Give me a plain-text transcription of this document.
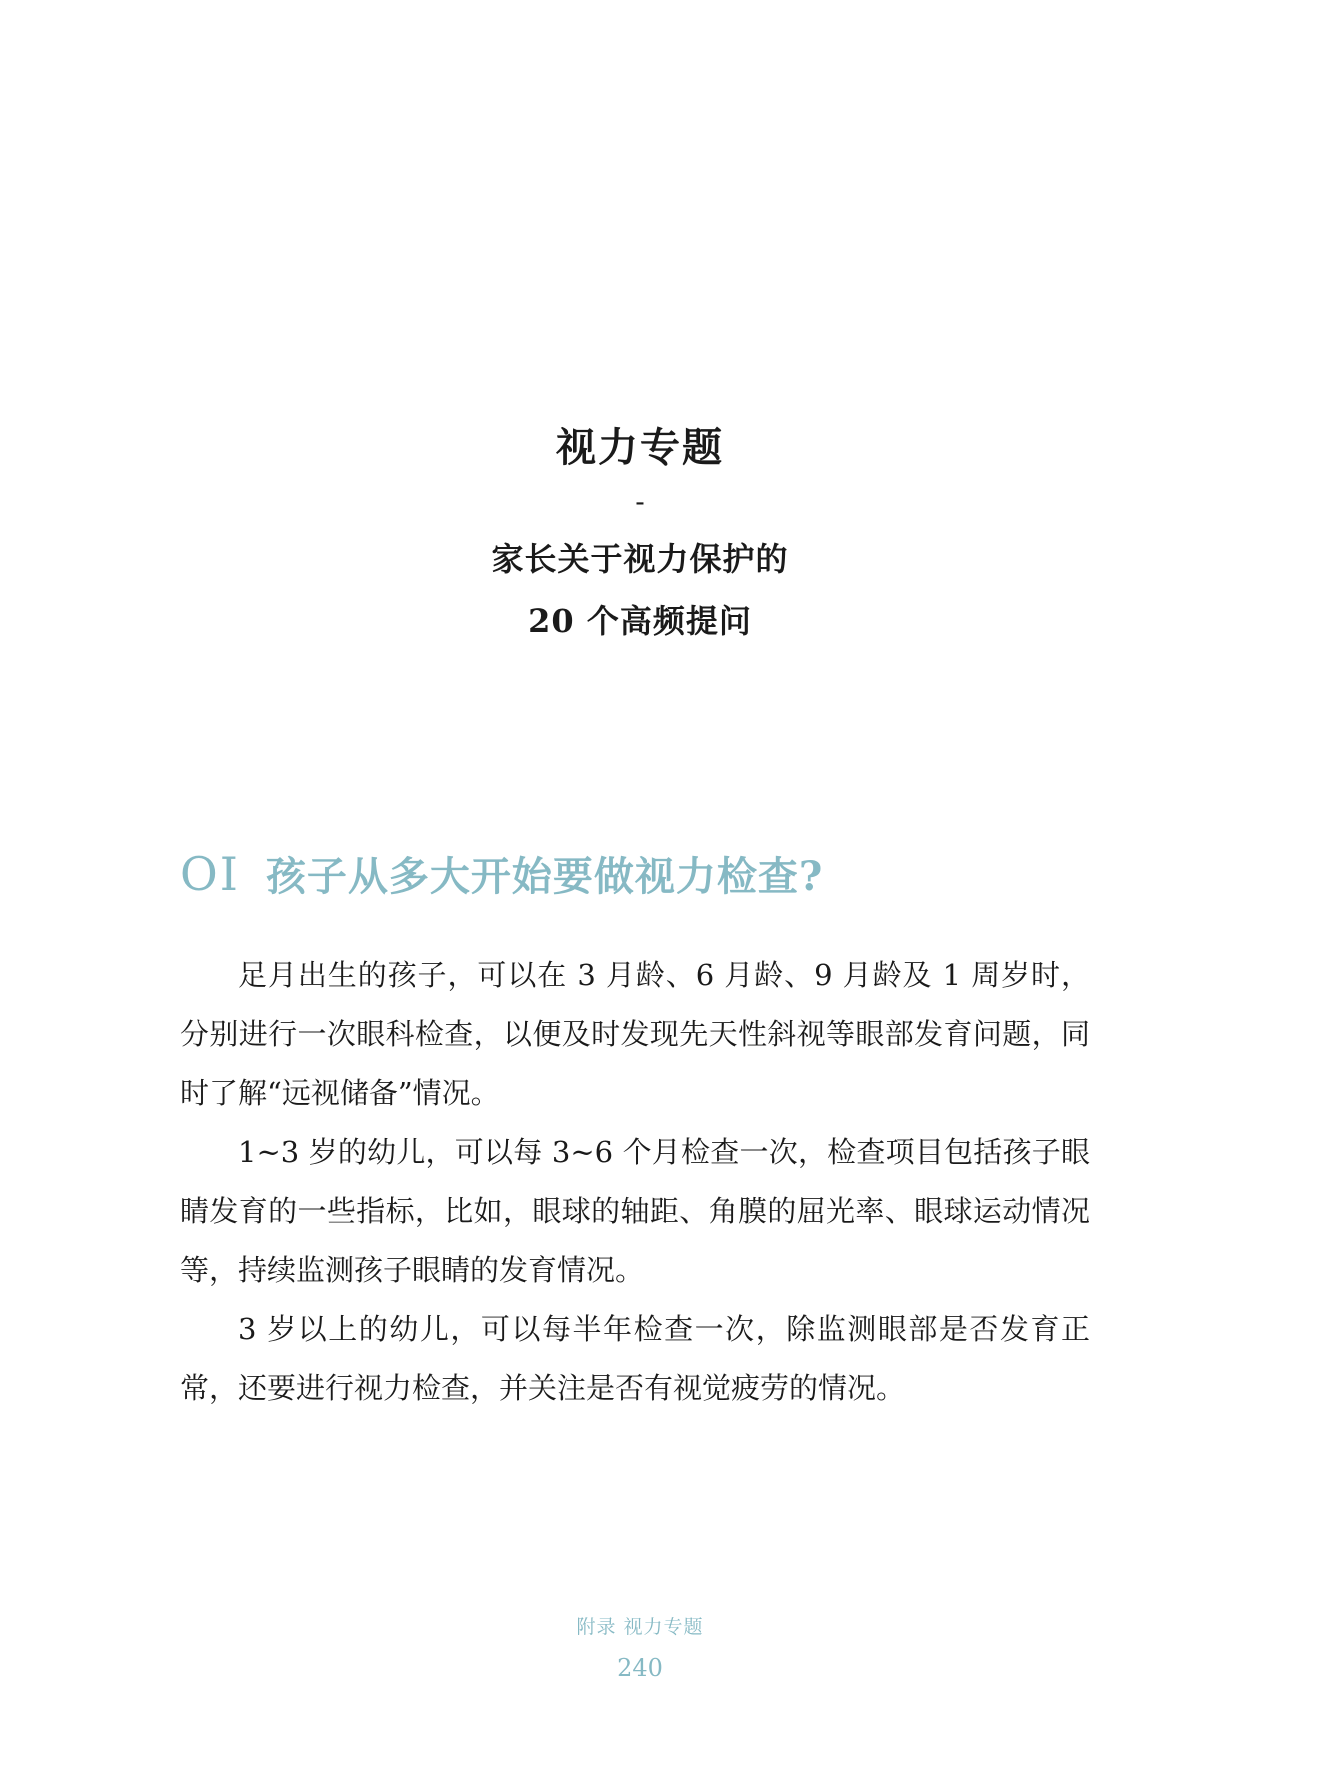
视力专题
-
家长关于视力保护的
20 个高频提问
OI 孩子从多大开始要做视力检查?

足月出生的孩子，可以在 3 月龄、6 月龄、9 月龄及 1 周岁时，分别进行一次眼科检查，以便及时发现先天性斜视等眼部发育问题，同时了解“远视储备”情况。

1~3 岁的幼儿，可以每 3~6 个月检查一次，检查项目包括孩子眼睛发育的一些指标，比如，眼球的轴距、角膜的屈光率、眼球运动情况等，持续监测孩子眼睛的发育情况。

3 岁以上的幼儿，可以每半年检查一次，除监测眼部是否发育正常，还要进行视力检查，并关注是否有视觉疲劳的情况。

附录 视力专题
240
